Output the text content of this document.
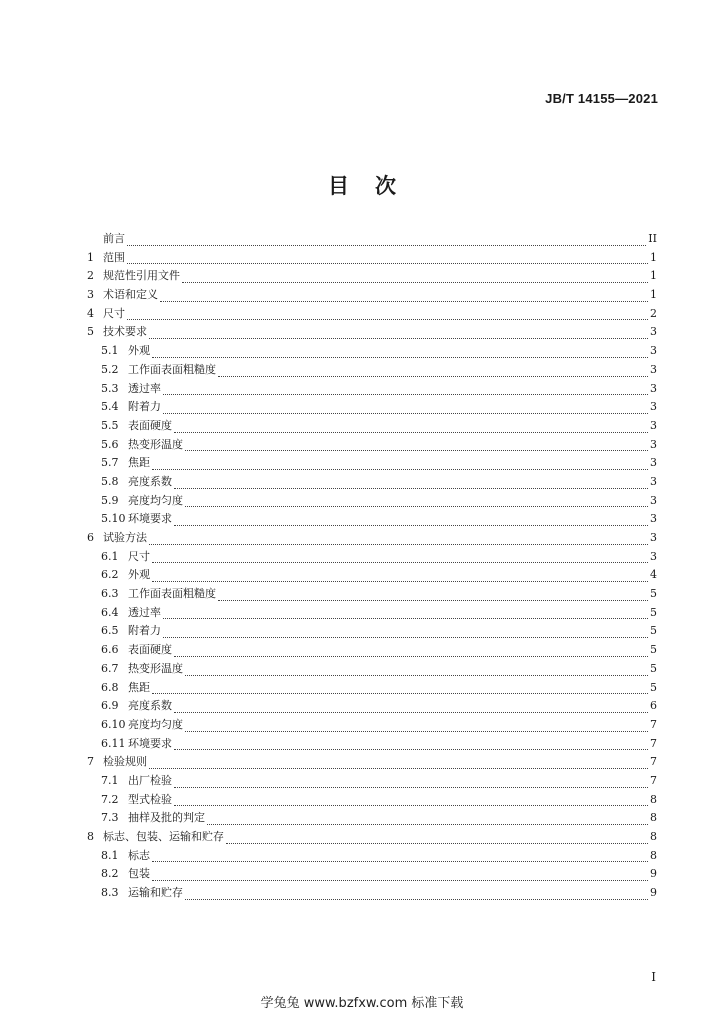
JB/T 14155—2021
目次
前言	II
1 范围	1
2 规范性引用文件	1
3 术语和定义	1
4 尺寸	2
5 技术要求	3
5.1 外观	3
5.2 工作面表面粗糙度	3
5.3 透过率	3
5.4 附着力	3
5.5 表面硬度	3
5.6 热变形温度	3
5.7 焦距	3
5.8 亮度系数	3
5.9 亮度均匀度	3
5.10 环境要求	3
6 试验方法	3
6.1 尺寸	3
6.2 外观	4
6.3 工作面表面粗糙度	5
6.4 透过率	5
6.5 附着力	5
6.6 表面硬度	5
6.7 热变形温度	5
6.8 焦距	5
6.9 亮度系数	6
6.10 亮度均匀度	7
6.11 环境要求	7
7 检验规则	7
7.1 出厂检验	7
7.2 型式检验	8
7.3 抽样及批的判定	8
8 标志、包装、运输和贮存	8
8.1 标志	8
8.2 包装	9
8.3 运输和贮存	9
I
学兔兔 www.bzfxw.com 标准下载
